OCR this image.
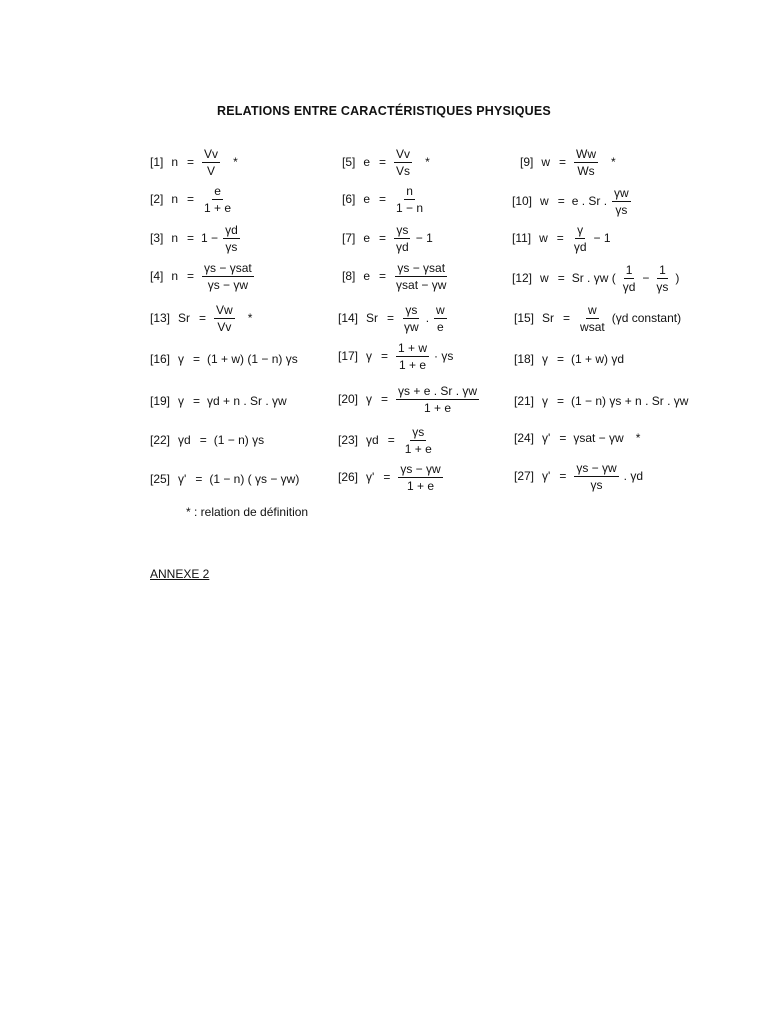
RELATIONS ENTRE CARACTÉRISTIQUES PHYSIQUES
[1] $n = \frac{Vv}{V}$ *	[5] $e = \frac{Vv}{Vs}$ *	[9] $w = \frac{Ww}{Ws}$ *
[2] $n = \frac{e}{1 + e}$	[6] $e = \frac{n}{1 - n}$	[10] w = e . Sr . $\frac{\gamma w}{\gamma s}$
[3] $n = 1 - \frac{\gamma d}{\gamma s}$	[7] $e = \frac{\gamma s}{\gamma d} - 1$	[11] $w = \frac{\gamma}{\gamma d} - 1$
[4] $n = \frac{\text{γs − γsat}}{\gamma s - \gamma w}$	[8] $e = \frac{\text{γs − γsat}}{\text{γsat − γw}}$	[12] w = Sr . γw ( $\frac{1}{\gamma d} - \frac{1}{\gamma s}$ )
[13] $Sr = \frac{Vw}{Vv}$ *	[14] $Sr = \frac{\gamma s}{\gamma w}$ . $\frac{w}{e}$	[15] $Sr = \frac{w}{\text{wsat}} (\gamma d$ constant)
[16] γ = (1 + w) (1 − n) γs	[17] $\gamma = \frac{1 + w}{1 + e} \cdot \gamma s$	[18] γ = (1 + w) γd
[19] γ = γd + n . Sr . γw	[20] $\gamma = \frac{\gamma s + e . Sr . \gamma w}{1 + e}$	[21] γ = (1 − n) γs + n . Sr . γw
[22] γd = (1 − n) γs	[23] $\gamma d = \frac{\gamma s}{1 + e}$	[24] γ' = γsat − γw *
[25] γ' = (1 − n) ( γs − γw)	[26] $\gamma' = \frac{\gamma s - \gamma w}{1 + e}$	[27] $\gamma' = \frac{\gamma s - \gamma w}{\gamma s}$ . γd
* : relation de définition
ANNEXE 2
